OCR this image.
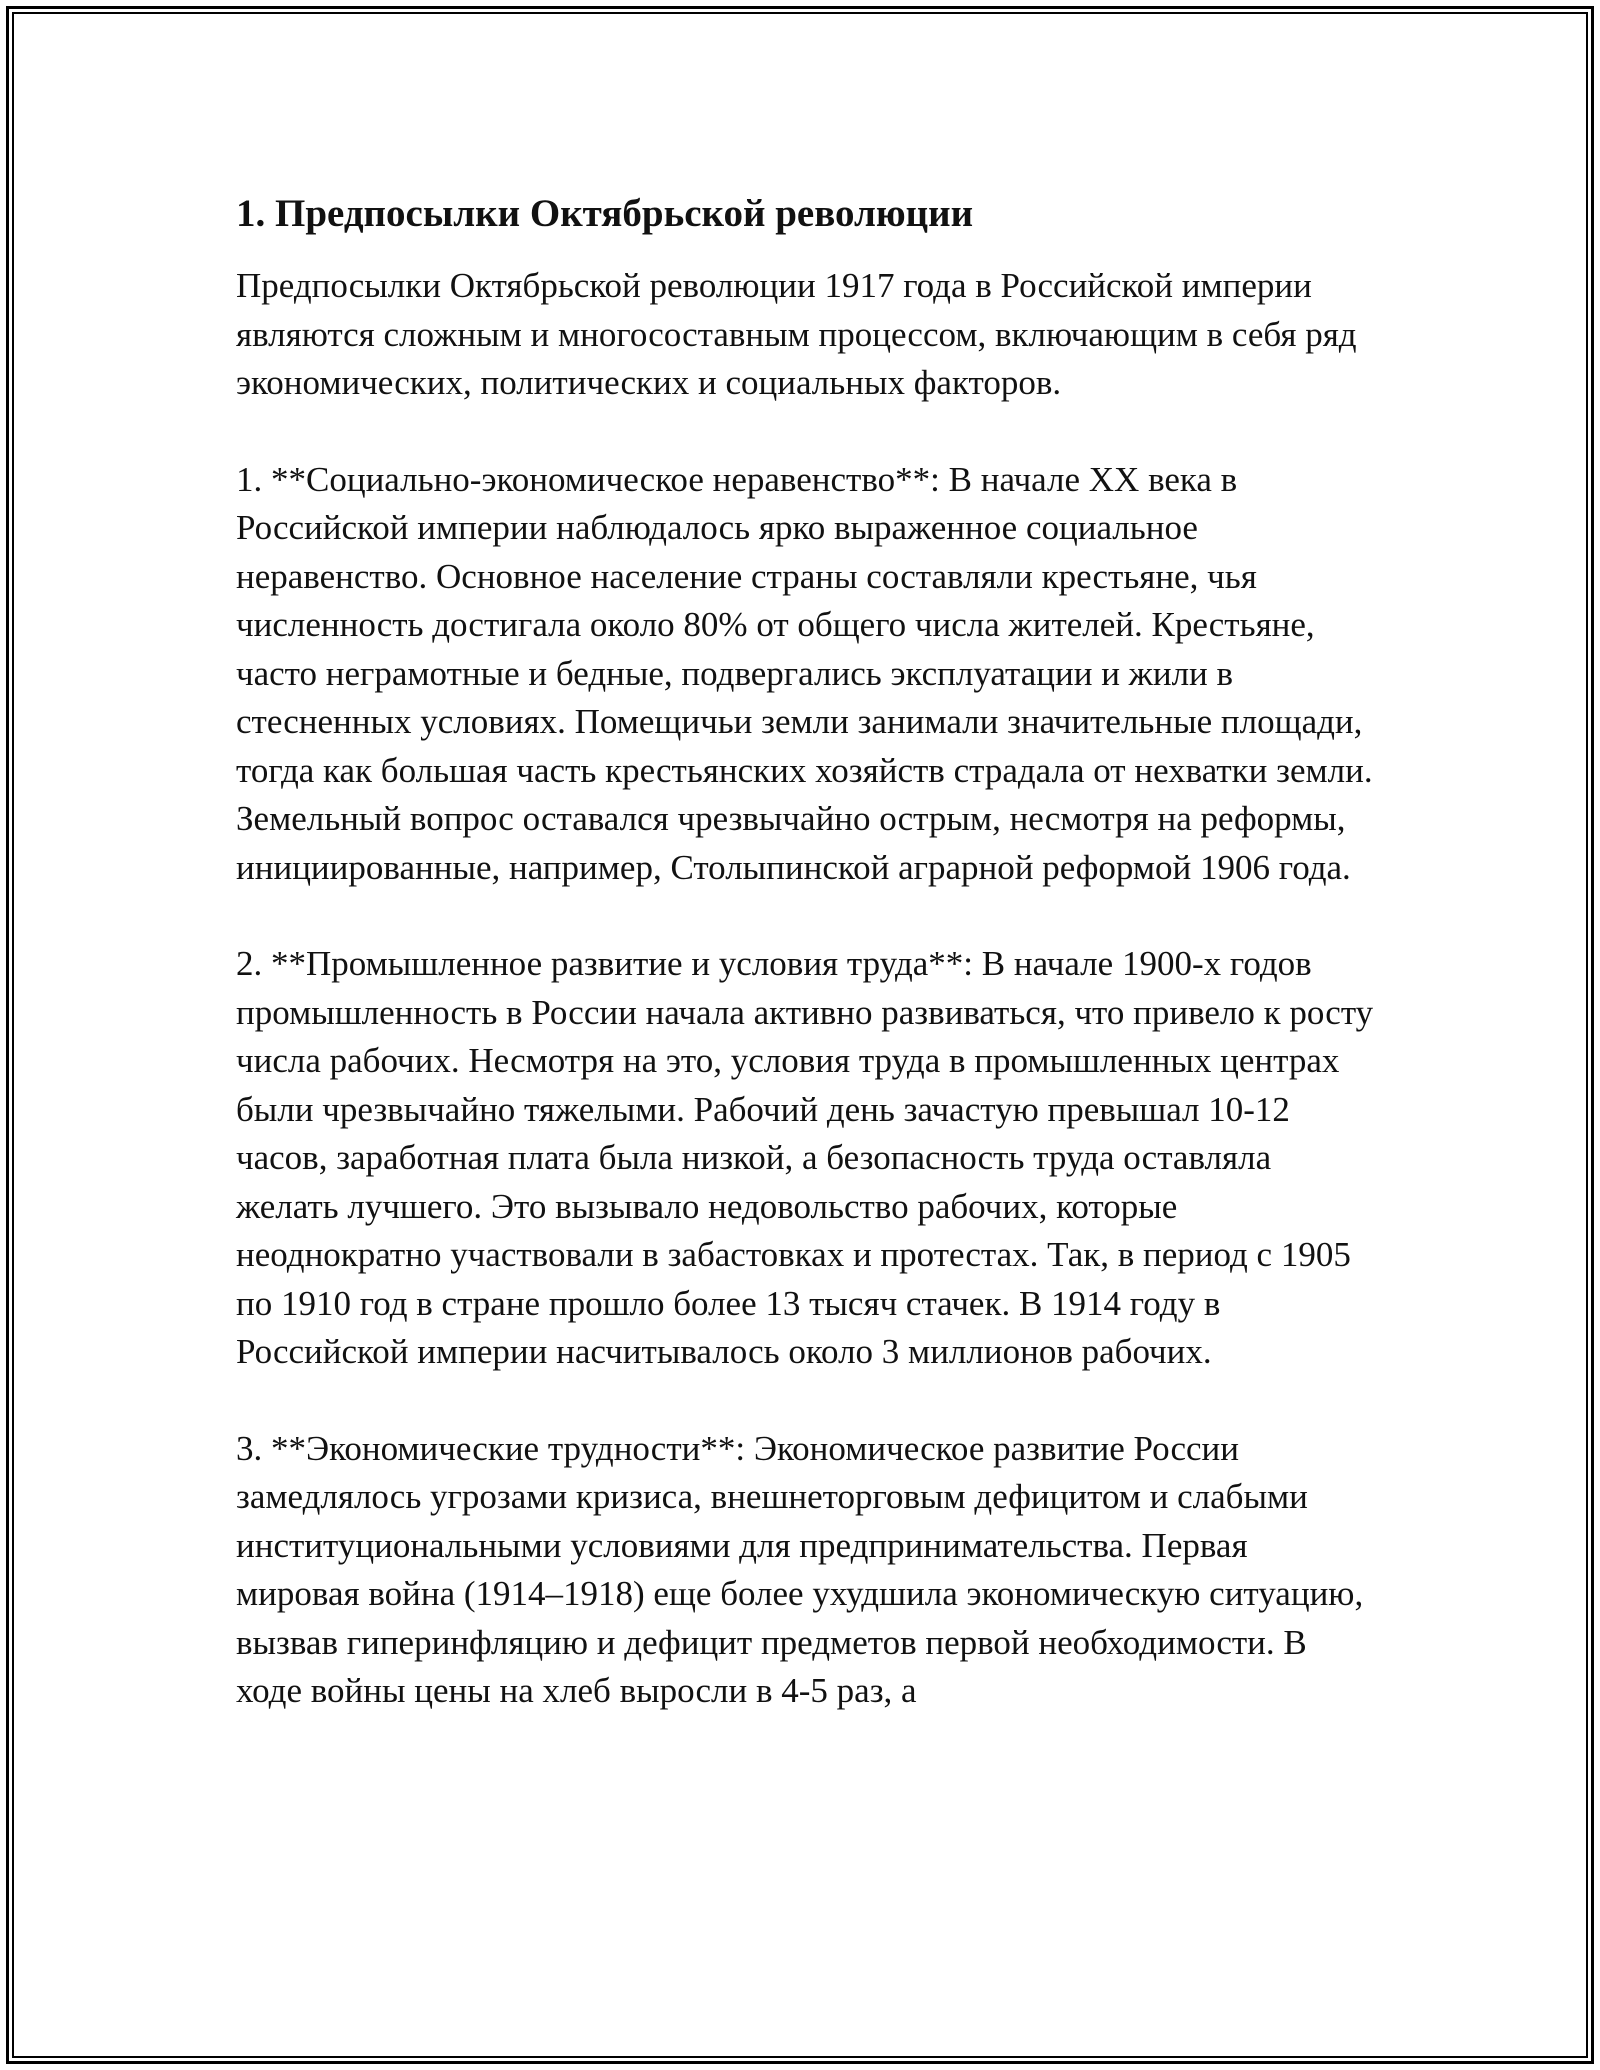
1. Предпосылки Октябрьской революции

Предпосылки Октябрьской революции 1917 года в Российской империи являются сложным и многосоставным процессом, включающим в себя ряд экономических, политических и социальных факторов.

1. **Социально-экономическое неравенство**: В начале XX века в Российской империи наблюдалось ярко выраженное социальное неравенство. Основное население страны составляли крестьяне, чья численность достигала около 80% от общего числа жителей. Крестьяне, часто неграмотные и бедные, подвергались эксплуатации и жили в стесненных условиях. Помещичьи земли занимали значительные площади, тогда как большая часть крестьянских хозяйств страдала от нехватки земли. Земельный вопрос оставался чрезвычайно острым, несмотря на реформы, инициированные, например, Столыпинской аграрной реформой 1906 года.

2. **Промышленное развитие и условия труда**: В начале 1900-х годов промышленность в России начала активно развиваться, что привело к росту числа рабочих. Несмотря на это, условия труда в промышленных центрах были чрезвычайно тяжелыми. Рабочий день зачастую превышал 10-12 часов, заработная плата была низкой, а безопасность труда оставляла желать лучшего. Это вызывало недовольство рабочих, которые неоднократно участвовали в забастовках и протестах. Так, в период с 1905 по 1910 год в стране прошло более 13 тысяч стачек. В 1914 году в Российской империи насчитывалось около 3 миллионов рабочих.

3. **Экономические трудности**: Экономическое развитие России замедлялось угрозами кризиса, внешнеторговым дефицитом и слабыми институциональными условиями для предпринимательства. Первая мировая война (1914–1918) еще более ухудшила экономическую ситуацию, вызвав гиперинфляцию и дефицит предметов первой необходимости. В ходе войны цены на хлеб выросли в 4-5 раз, а
